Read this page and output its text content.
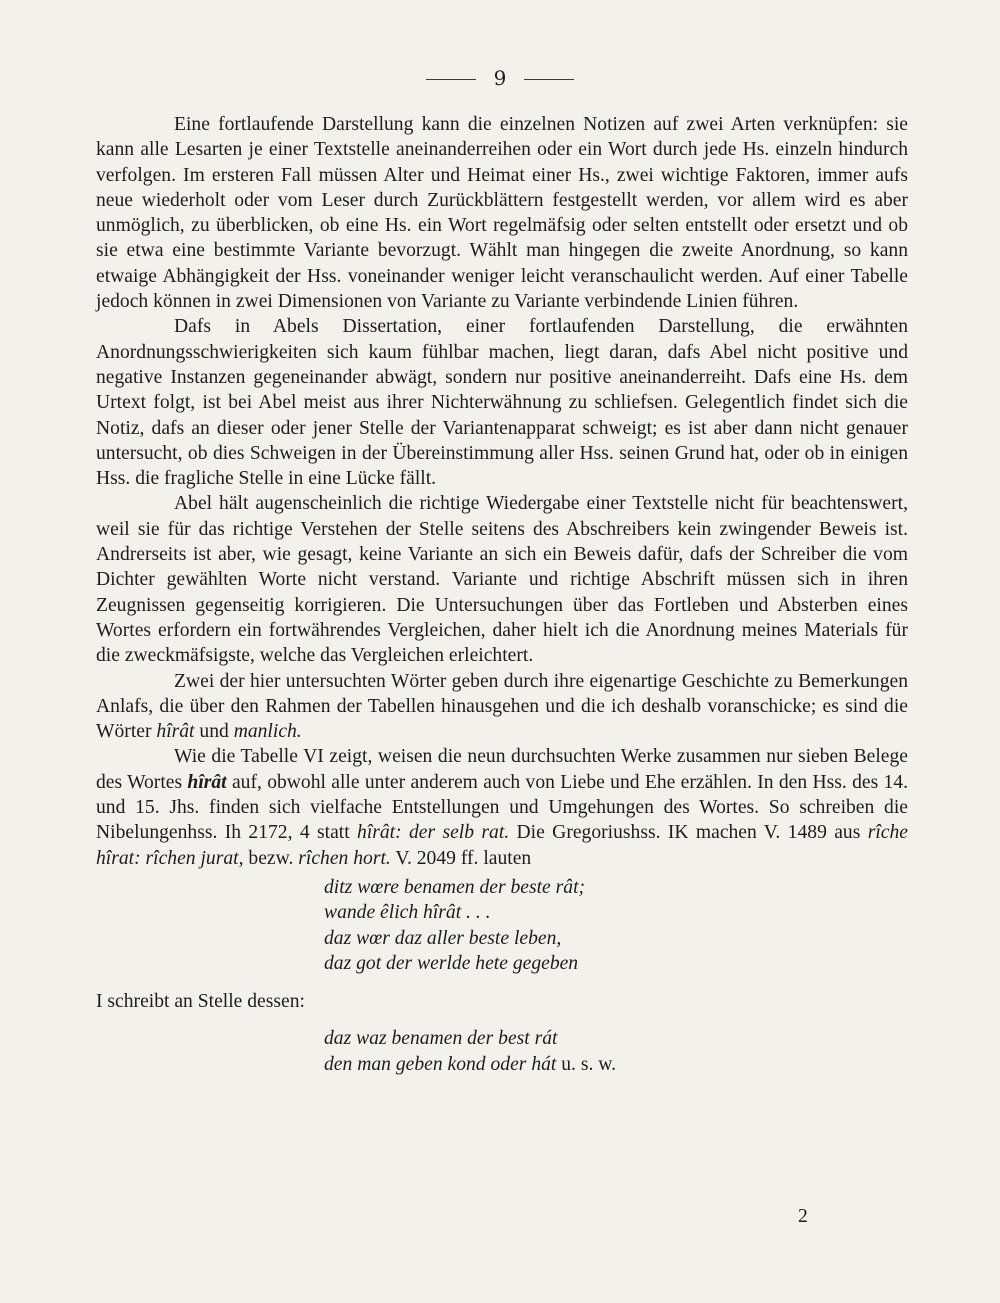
9

Eine fortlaufende Darstellung kann die einzelnen Notizen auf zwei Arten verknüpfen: sie kann alle Lesarten je einer Textstelle aneinanderreihen oder ein Wort durch jede Hs. einzeln hindurch verfolgen. Im ersteren Fall müssen Alter und Heimat einer Hs., zwei wichtige Faktoren, immer aufs neue wiederholt oder vom Leser durch Zurückblättern festgestellt werden, vor allem wird es aber unmöglich, zu überblicken, ob eine Hs. ein Wort regelmäfsig oder selten entstellt oder ersetzt und ob sie etwa eine bestimmte Variante bevorzugt. Wählt man hingegen die zweite Anordnung, so kann etwaige Abhängigkeit der Hss. voneinander weniger leicht veranschaulicht werden. Auf einer Tabelle jedoch können in zwei Dimensionen von Variante zu Variante verbindende Linien führen.

Dafs in Abels Dissertation, einer fortlaufenden Darstellung, die erwähnten Anordnungsschwierigkeiten sich kaum fühlbar machen, liegt daran, dafs Abel nicht positive und negative Instanzen gegeneinander abwägt, sondern nur positive aneinanderreiht. Dafs eine Hs. dem Urtext folgt, ist bei Abel meist aus ihrer Nichterwähnung zu schliefsen. Gelegentlich findet sich die Notiz, dafs an dieser oder jener Stelle der Variantenapparat schweigt; es ist aber dann nicht genauer untersucht, ob dies Schweigen in der Übereinstimmung aller Hss. seinen Grund hat, oder ob in einigen Hss. die fragliche Stelle in eine Lücke fällt.

Abel hält augenscheinlich die richtige Wiedergabe einer Textstelle nicht für beachtenswert, weil sie für das richtige Verstehen der Stelle seitens des Abschreibers kein zwingender Beweis ist. Andrerseits ist aber, wie gesagt, keine Variante an sich ein Beweis dafür, dafs der Schreiber die vom Dichter gewählten Worte nicht verstand. Variante und richtige Abschrift müssen sich in ihren Zeugnissen gegenseitig korrigieren. Die Untersuchungen über das Fortleben und Absterben eines Wortes erfordern ein fortwährendes Vergleichen, daher hielt ich die Anordnung meines Materials für die zweckmäfsigste, welche das Vergleichen erleichtert.

Zwei der hier untersuchten Wörter geben durch ihre eigenartige Geschichte zu Bemerkungen Anlafs, die über den Rahmen der Tabellen hinausgehen und die ich deshalb voranschicke; es sind die Wörter hîrât und manlich.

Wie die Tabelle VI zeigt, weisen die neun durchsuchten Werke zusammen nur sieben Belege des Wortes hîrât auf, obwohl alle unter anderem auch von Liebe und Ehe erzählen. In den Hss. des 14. und 15. Jhs. finden sich vielfache Entstellungen und Umgehungen des Wortes. So schreiben die Nibelungenhss. Ih 2172, 4 statt hîrât: der selb rat. Die Gregoriushss. IK machen V. 1489 aus rîche hîrat: rîchen jurat, bezw. rîchen hort. V. 2049 ff. lauten

ditz wœre benamen der beste rât;
wande êlich hîrât . . .
daz wœr daz aller beste leben,
daz got der werlde hete gegeben

I schreibt an Stelle dessen:

daz waz benamen der best rát
den man geben kond oder hát u. s. w.
2
